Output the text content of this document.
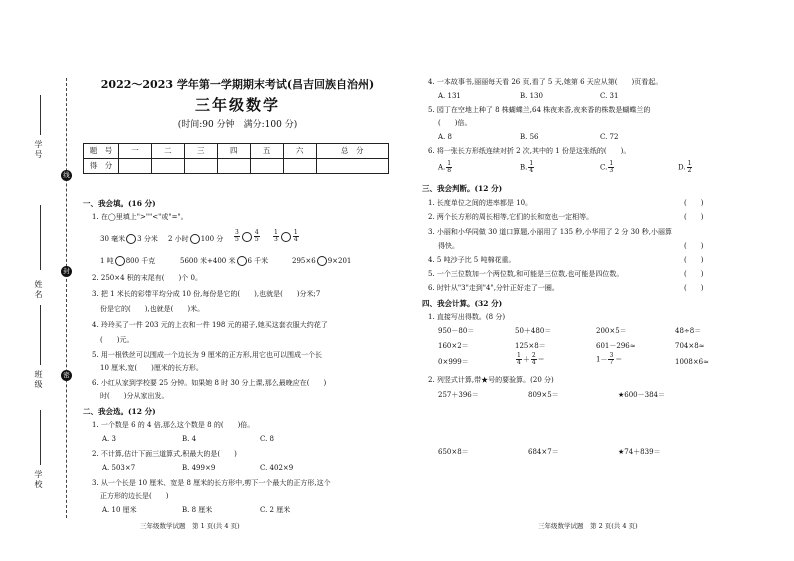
学号
姓名
班级
学校
线
封
密
2022～2023 学年第一学期期末考试(昌吉回族自治州)
三年级数学
(时间:90 分钟　满分:100 分)
题　号	一	二	三	四	五	六	总　分
得　分							
一、我会填。(16 分)
1. 在◯里填上">""<"或"="。
30 毫米 3 分米 2 小时 100 分 $\frac{3}{5} \frac{4}{5} \frac{1}{3} \frac{1}{4}$
1 吨 800 千克	5600 米+400 米 6 千米	295×6 9×201
2. 250×4 积的末尾有(　　)个 0。
3. 把 1 米长的彩带平均分成 10 份,每份是它的(　　),也就是(　　)分米;7
份是它的(　　),也就是(　　)米。
4. 玲玲买了一件 203 元的上衣和一件 198 元的裙子,她买这套衣服大约花了
(　　)元。
5. 用一根铁丝可以围成一个边长为 9 厘米的正方形,用它也可以围成一个长
10 厘米,宽(　　)厘米的长方形。
6. 小红从家到学校要 25 分钟。如果她 8 时 30 分上课,那么最晚应在(　　)
时(　　)分从家出发。
二、我会选。(12 分)
1. 一个数是 6 的 4 倍,那么这个数是 8 的(　　)倍。
A. 3	B. 4	C. 8
2. 不计算,估计下面三道算式,积最大的是(　　)
A. 503×7	B. 499×9	C. 402×9
3. 从一个长是 10 厘米、宽是 8 厘米的长方形中,剪下一个最大的正方形,这个
正方形的边长是(　　)
A. 10 厘米	B. 8 厘米	C. 2 厘米
三年级数学试题　第 1 页(共 4 页)
4. 一本故事书,丽丽每天看 26 页,看了 5 天,她第 6 天应从第(　　)页看起。
A. 131	B. 130	C. 31
5. 园丁在空地上种了 8 株蝴蝶兰,64 株夜来香,夜来香的株数是蝴蝶兰的
(　　)倍。
A. 8	B. 56	C. 72
6. 将一张长方形纸连续对折 2 次,其中的 1 份是这张纸的(　　)。
A. $\frac{1}{8}$	B. $\frac{1}{4}$	C. $\frac{1}{3}$	D. $\frac{1}{2}$
三、我会判断。(12 分)
1. 长度单位之间的进率都是 10。	(　　)
2. 两个长方形的周长相等,它们的长和宽也一定相等。	(　　)
3. 小丽和小华同做 30 道口算题,小丽用了 135 秒,小华用了 2 分 30 秒,小丽算
得快。	(　　)
4. 5 吨沙子比 5 吨棉花重。	(　　)
5. 一个三位数加一个两位数,和可能是三位数,也可能是四位数。	(　　)
6. 时针从"3"走到"4",分针正好走了一圈。	(　　)
四、我会计算。(32 分)
1. 直接写出得数。(8 分)
950－80＝	50＋480＝	200×5＝	48÷8＝
160×2＝	125×8＝	601－296≈	704×8≈
0×999＝	$\frac{1}{4} + \frac{2}{4}$ ＝	$1- \frac{3}{7}$ ＝	1008×6≈
2. 列竖式计算,带★号的要验算。(20 分)
257＋396＝	809×5＝	★600－384＝
650×8＝	684×7＝	★74＋839＝
三年级数学试题　第 2 页(共 4 页)
